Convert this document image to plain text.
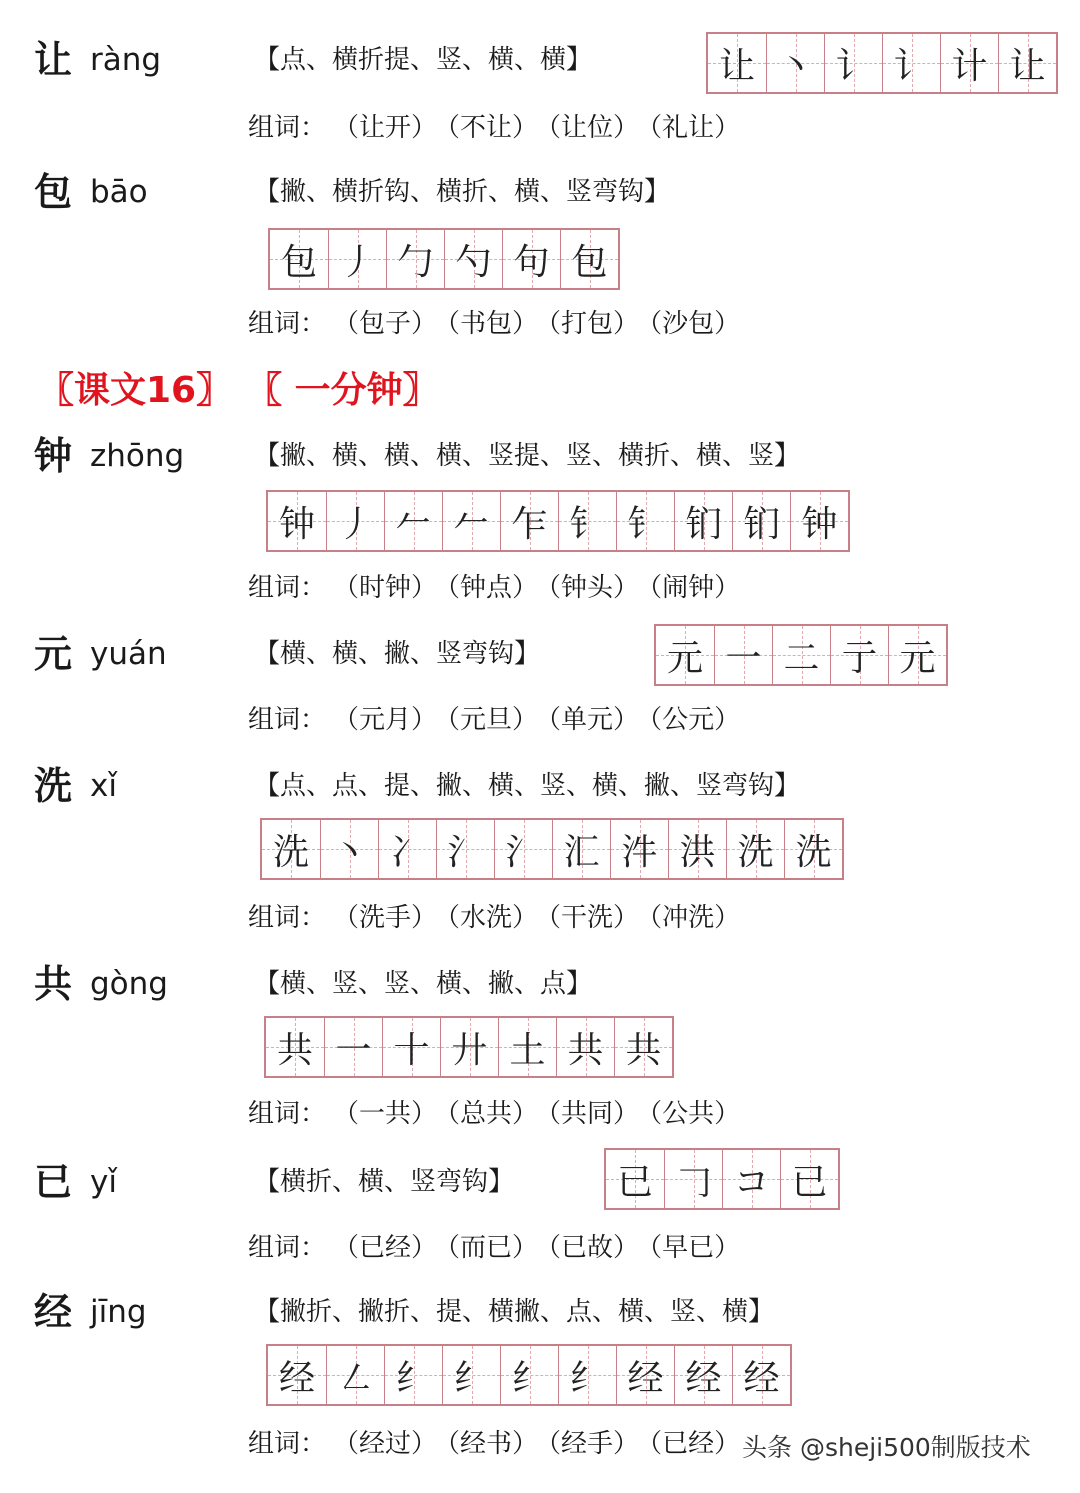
让 ràng	【点、横折提、竖、横、横】	让 丶 讠 讠 计 让
组词： （让开） （不让） （让位） （礼让）
包 bāo	【撇、横折钩、横折、横、竖弯钩】
包 丿 勹 勺 句 包
组词： （包子） （书包） （打包） （沙包）
〖课文16〗 〖 一分钟〗
钟 zhōng	【撇、横、横、横、竖提、竖、横折、横、竖】
钟 丿 𠂉 𠂉 乍 钅 钅 钔 钔 钟
组词： （时钟） （钟点） （钟头） （闹钟）
元 yuán	【横、横、撇、竖弯钩】	元 一 二 亍 元
组词： （元月） （元旦） （单元） （公元）
洗 xǐ	【点、点、提、撇、横、竖、横、撇、竖弯钩】
洗 丶 冫 氵 氵 汇 汼 洪 洗 洗
组词： （洗手） （水洗） （干洗） （冲洗）
共 gòng	【横、竖、竖、横、撇、点】
共 一 十 廾 土 共 共
组词： （一共） （总共） （共同） （公共）
已 yǐ	【横折、横、竖弯钩】	已 𠃌 コ 已
组词： （已经） （而已） （已故） （早已）
经 jīng	【撇折、撇折、提、横撇、点、横、竖、横】
经 ㇜ 纟 纟 纟 纟 经 经 经
组词： （经过） （经书） （经手） （已经） 头条 @sheji500制版技术
